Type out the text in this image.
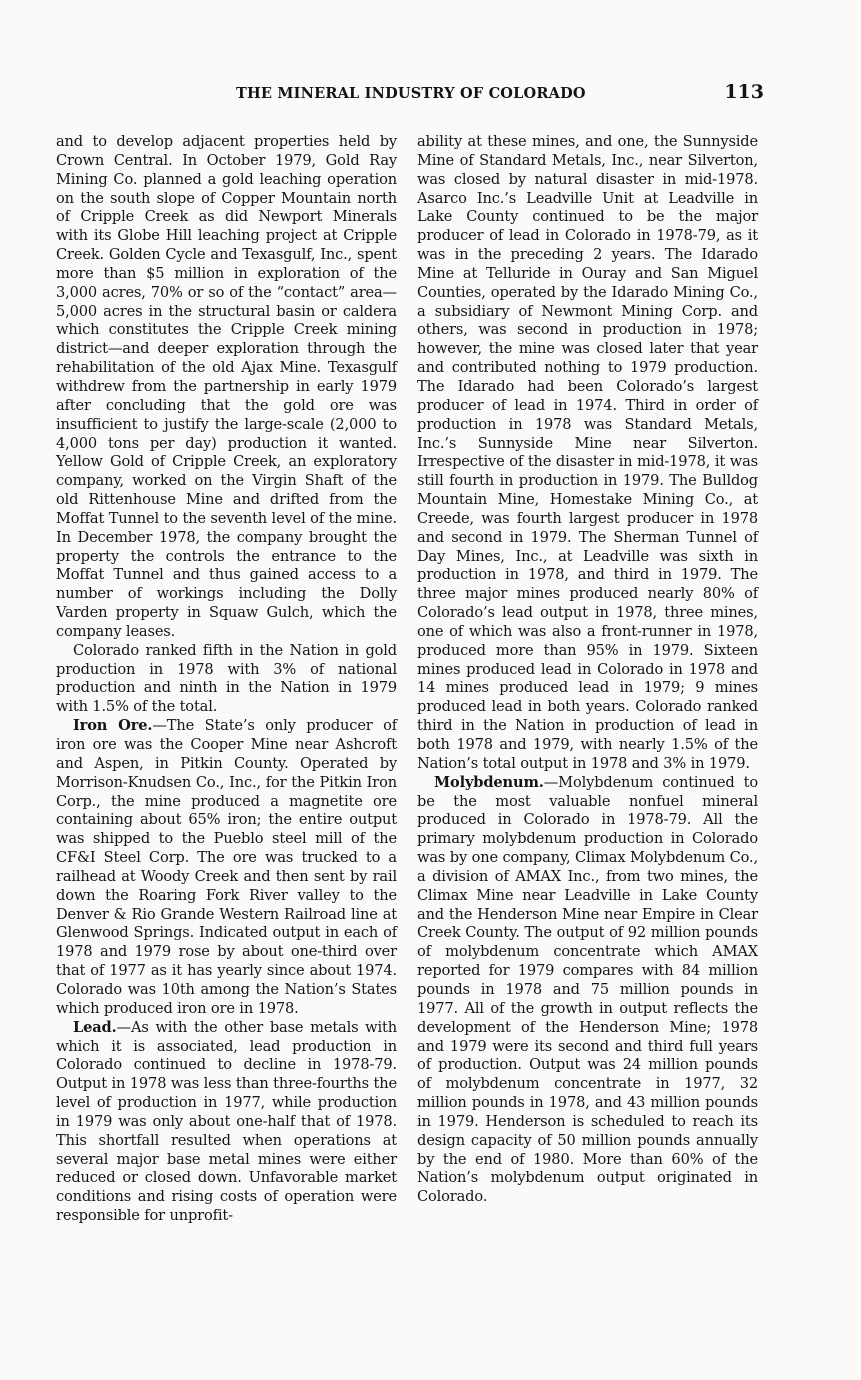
THE MINERAL INDUSTRY OF COLORADO	113

and to develop adjacent properties held by Crown Central. In October 1979, Gold Ray Mining Co. planned a gold leaching operation on the south slope of Copper Mountain north of Cripple Creek as did Newport Minerals with its Globe Hill leaching project at Cripple Creek. Golden Cycle and Texasgulf, Inc., spent more than $5 million in exploration of the 3,000 acres, 70% or so of the “contact” area—5,000 acres in the structural basin or caldera which constitutes the Cripple Creek mining district—and deeper exploration through the rehabilitation of the old Ajax Mine. Texasgulf withdrew from the partnership in early 1979 after concluding that the gold ore was insufficient to justify the large-scale (2,000 to 4,000 tons per day) production it wanted. Yellow Gold of Cripple Creek, an exploratory company, worked on the Virgin Shaft of the old Rittenhouse Mine and drifted from the Moffat Tunnel to the seventh level of the mine. In December 1978, the company brought the property the controls the entrance to the Moffat Tunnel and thus gained access to a number of workings including the Dolly Varden property in Squaw Gulch, which the company leases.

Colorado ranked fifth in the Nation in gold production in 1978 with 3% of national production and ninth in the Nation in 1979 with 1.5% of the total.

Iron Ore.—The State’s only producer of iron ore was the Cooper Mine near Ashcroft and Aspen, in Pitkin County. Operated by Morrison-Knudsen Co., Inc., for the Pitkin Iron Corp., the mine produced a magnetite ore containing about 65% iron; the entire output was shipped to the Pueblo steel mill of the CF&I Steel Corp. The ore was trucked to a railhead at Woody Creek and then sent by rail down the Roaring Fork River valley to the Denver & Rio Grande Western Railroad line at Glenwood Springs. Indicated output in each of 1978 and 1979 rose by about one-third over that of 1977 as it has yearly since about 1974. Colorado was 10th among the Nation’s States which produced iron ore in 1978.

Lead.—As with the other base metals with which it is associated, lead production in Colorado continued to decline in 1978-79. Output in 1978 was less than three-fourths the level of production in 1977, while production in 1979 was only about one-half that of 1978. This shortfall resulted when operations at several major base metal mines were either reduced or closed down. Unfavorable market conditions and rising costs of operation were responsible for unprofit-

ability at these mines, and one, the Sunnyside Mine of Standard Metals, Inc., near Silverton, was closed by natural disaster in mid-1978. Asarco Inc.’s Leadville Unit at Leadville in Lake County continued to be the major producer of lead in Colorado in 1978-79, as it was in the preceding 2 years. The Idarado Mine at Telluride in Ouray and San Miguel Counties, operated by the Idarado Mining Co., a subsidiary of Newmont Mining Corp. and others, was second in production in 1978; however, the mine was closed later that year and contributed nothing to 1979 production. The Idarado had been Colorado’s largest producer of lead in 1974. Third in order of production in 1978 was Standard Metals, Inc.’s Sunnyside Mine near Silverton. Irrespective of the disaster in mid-1978, it was still fourth in production in 1979. The Bulldog Mountain Mine, Homestake Mining Co., at Creede, was fourth largest producer in 1978 and second in 1979. The Sherman Tunnel of Day Mines, Inc., at Leadville was sixth in production in 1978, and third in 1979. The three major mines produced nearly 80% of Colorado’s lead output in 1978, three mines, one of which was also a front-runner in 1978, produced more than 95% in 1979. Sixteen mines produced lead in Colorado in 1978 and 14 mines produced lead in 1979; 9 mines produced lead in both years. Colorado ranked third in the Nation in production of lead in both 1978 and 1979, with nearly 1.5% of the Nation’s total output in 1978 and 3% in 1979.

Molybdenum.—Molybdenum continued to be the most valuable nonfuel mineral produced in Colorado in 1978-79. All the primary molybdenum production in Colorado was by one company, Climax Molybdenum Co., a division of AMAX Inc., from two mines, the Climax Mine near Leadville in Lake County and the Henderson Mine near Empire in Clear Creek County. The output of 92 million pounds of molybdenum concentrate which AMAX reported for 1979 compares with 84 million pounds in 1978 and 75 million pounds in 1977. All of the growth in output reflects the development of the Henderson Mine; 1978 and 1979 were its second and third full years of production. Output was 24 million pounds of molybdenum concentrate in 1977, 32 million pounds in 1978, and 43 million pounds in 1979. Henderson is scheduled to reach its design capacity of 50 million pounds annually by the end of 1980. More than 60% of the Nation’s molybdenum output originated in Colorado.
